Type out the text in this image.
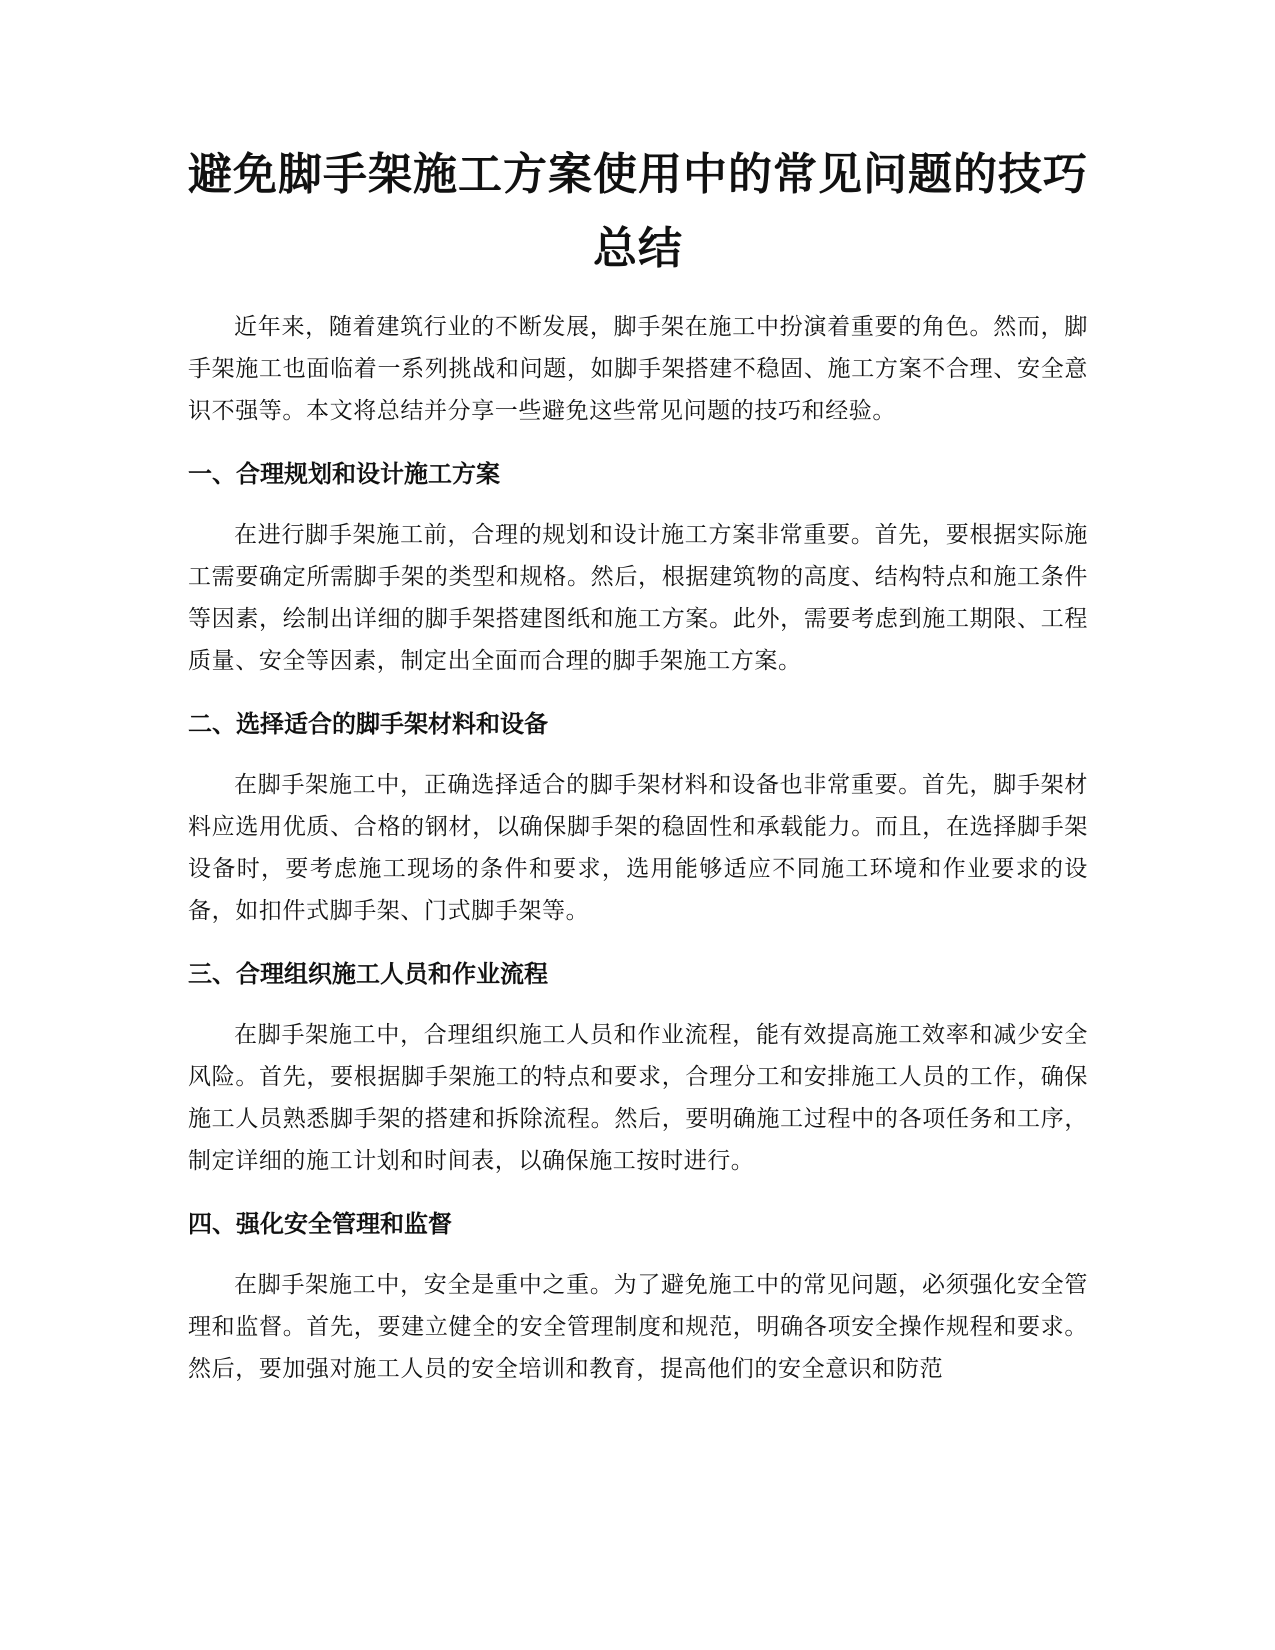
避免脚手架施工方案使用中的常见问题的技巧总结

近年来，随着建筑行业的不断发展，脚手架在施工中扮演着重要的角色。然而，脚手架施工也面临着一系列挑战和问题，如脚手架搭建不稳固、施工方案不合理、安全意识不强等。本文将总结并分享一些避免这些常见问题的技巧和经验。

一、合理规划和设计施工方案

在进行脚手架施工前，合理的规划和设计施工方案非常重要。首先，要根据实际施工需要确定所需脚手架的类型和规格。然后，根据建筑物的高度、结构特点和施工条件等因素，绘制出详细的脚手架搭建图纸和施工方案。此外，需要考虑到施工期限、工程质量、安全等因素，制定出全面而合理的脚手架施工方案。

二、选择适合的脚手架材料和设备

在脚手架施工中，正确选择适合的脚手架材料和设备也非常重要。首先，脚手架材料应选用优质、合格的钢材，以确保脚手架的稳固性和承载能力。而且，在选择脚手架设备时，要考虑施工现场的条件和要求，选用能够适应不同施工环境和作业要求的设备，如扣件式脚手架、门式脚手架等。

三、合理组织施工人员和作业流程

在脚手架施工中，合理组织施工人员和作业流程，能有效提高施工效率和减少安全风险。首先，要根据脚手架施工的特点和要求，合理分工和安排施工人员的工作，确保施工人员熟悉脚手架的搭建和拆除流程。然后，要明确施工过程中的各项任务和工序，制定详细的施工计划和时间表，以确保施工按时进行。

四、强化安全管理和监督

在脚手架施工中，安全是重中之重。为了避免施工中的常见问题，必须强化安全管理和监督。首先，要建立健全的安全管理制度和规范，明确各项安全操作规程和要求。然后，要加强对施工人员的安全培训和教育，提高他们的安全意识和防范
